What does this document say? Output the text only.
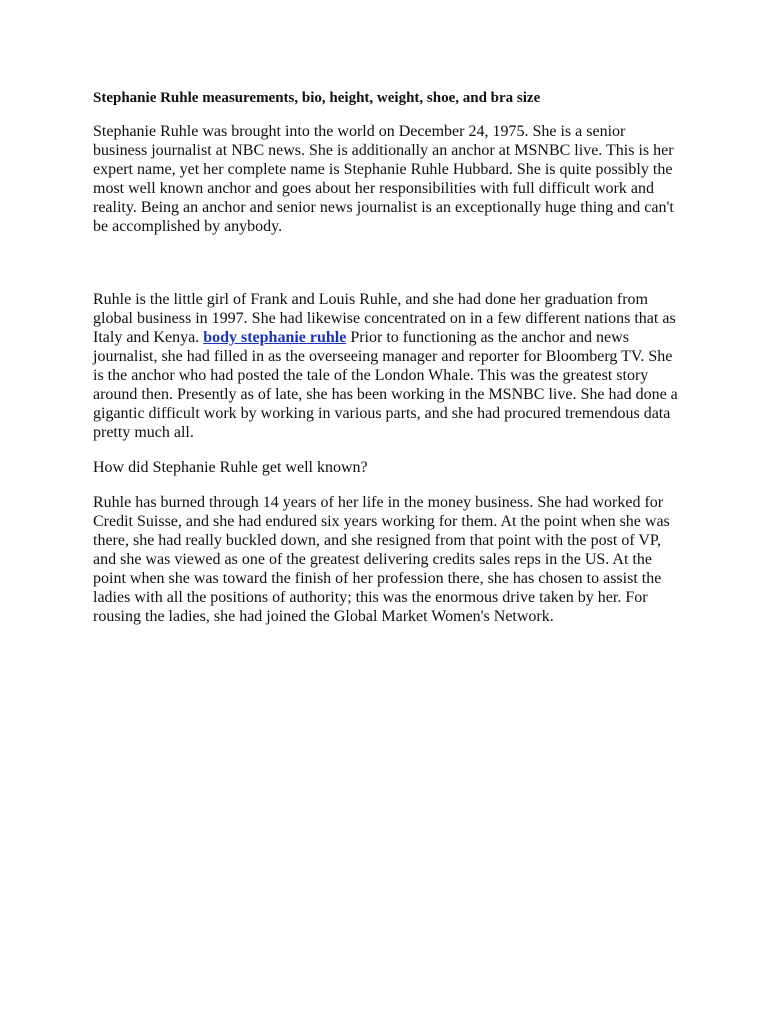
Stephanie Ruhle measurements, bio, height, weight, shoe, and bra size

Stephanie Ruhle was brought into the world on December 24, 1975. She is a senior business journalist at NBC news. She is additionally an anchor at MSNBC live. This is her expert name, yet her complete name is Stephanie Ruhle Hubbard. She is quite possibly the most well known anchor and goes about her responsibilities with full difficult work and reality. Being an anchor and senior news journalist is an exceptionally huge thing and can't be accomplished by anybody.

Ruhle is the little girl of Frank and Louis Ruhle, and she had done her graduation from global business in 1997. She had likewise concentrated on in a few different nations that as Italy and Kenya. body stephanie ruhle Prior to functioning as the anchor and news journalist, she had filled in as the overseeing manager and reporter for Bloomberg TV. She is the anchor who had posted the tale of the London Whale. This was the greatest story around then. Presently as of late, she has been working in the MSNBC live. She had done a gigantic difficult work by working in various parts, and she had procured tremendous data pretty much all.

How did Stephanie Ruhle get well known?

Ruhle has burned through 14 years of her life in the money business. She had worked for Credit Suisse, and she had endured six years working for them. At the point when she was there, she had really buckled down, and she resigned from that point with the post of VP, and she was viewed as one of the greatest delivering credits sales reps in the US. At the point when she was toward the finish of her profession there, she has chosen to assist the ladies with all the positions of authority; this was the enormous drive taken by her. For rousing the ladies, she had joined the Global Market Women's Network.
